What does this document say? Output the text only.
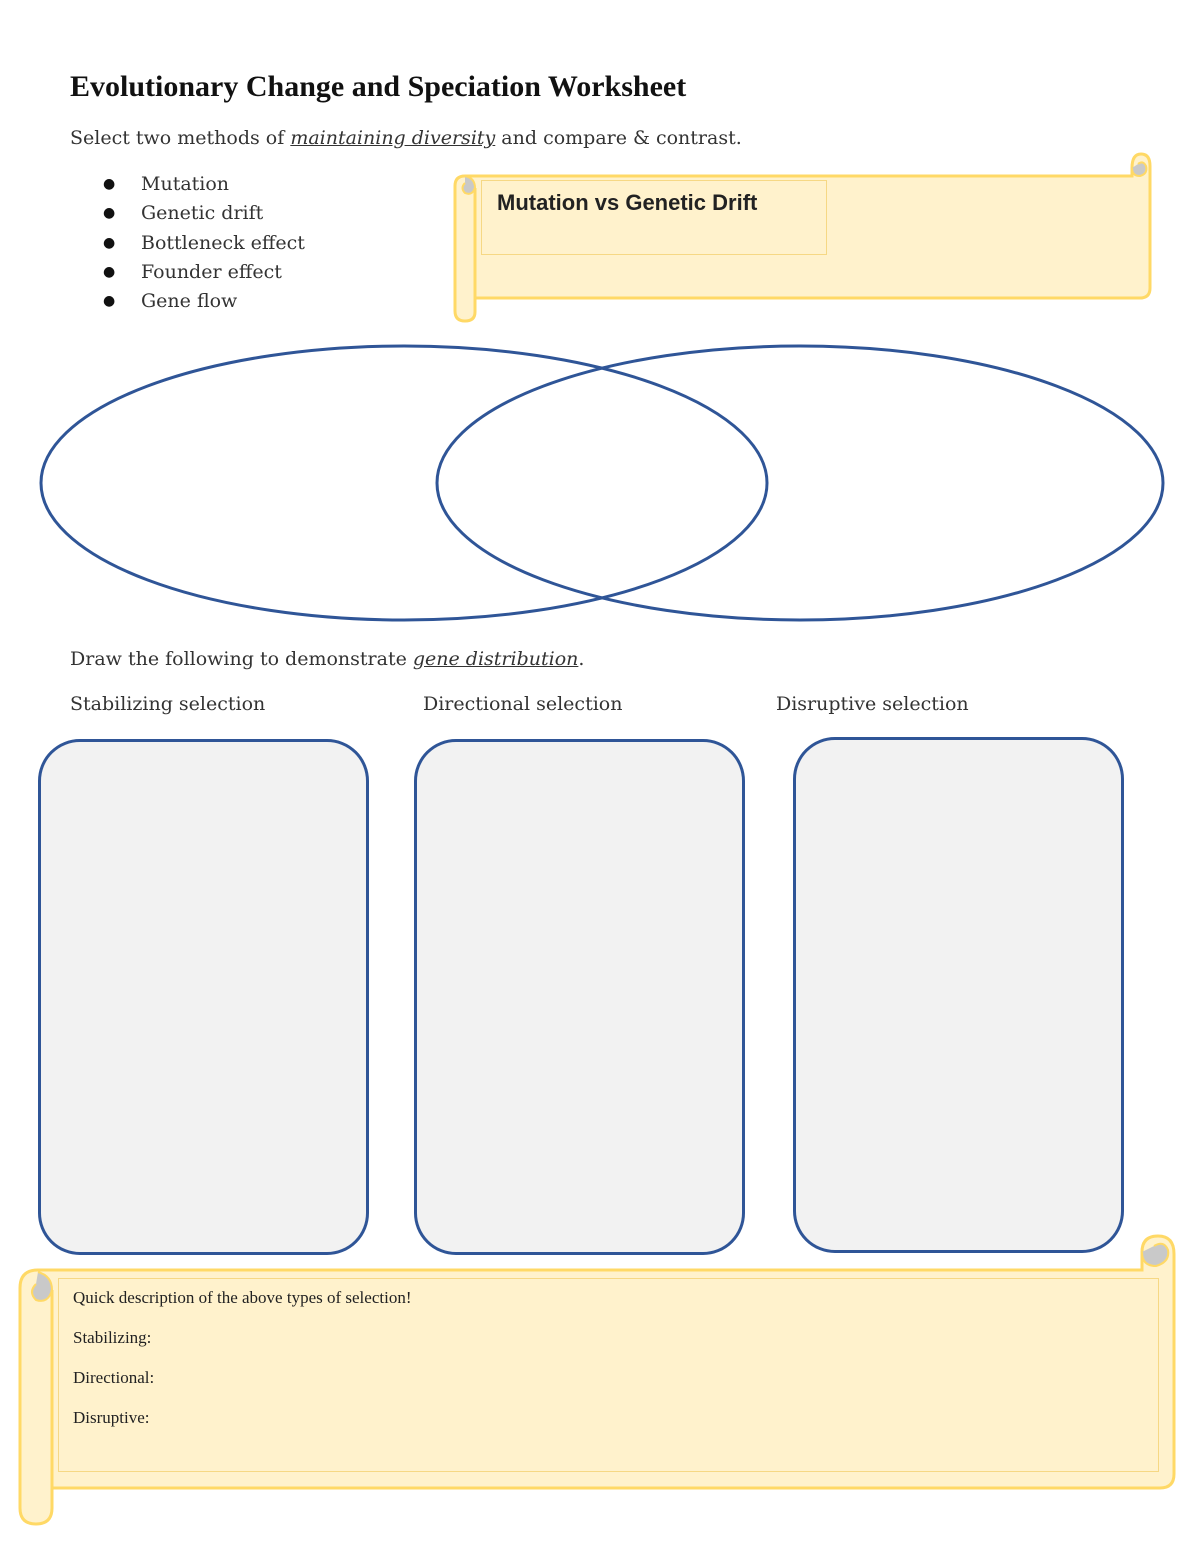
Evolutionary Change and Speciation Worksheet
Select two methods of maintaining diversity and compare & contrast.
● Mutation
● Genetic drift
● Bottleneck effect
● Founder effect
● Gene flow
Mutation vs Genetic Drift
Draw the following to demonstrate gene distribution.
Stabilizing selection	Directional selection	Disruptive selection
Quick description of the above types of selection!
Stabilizing:
Directional:
Disruptive:
